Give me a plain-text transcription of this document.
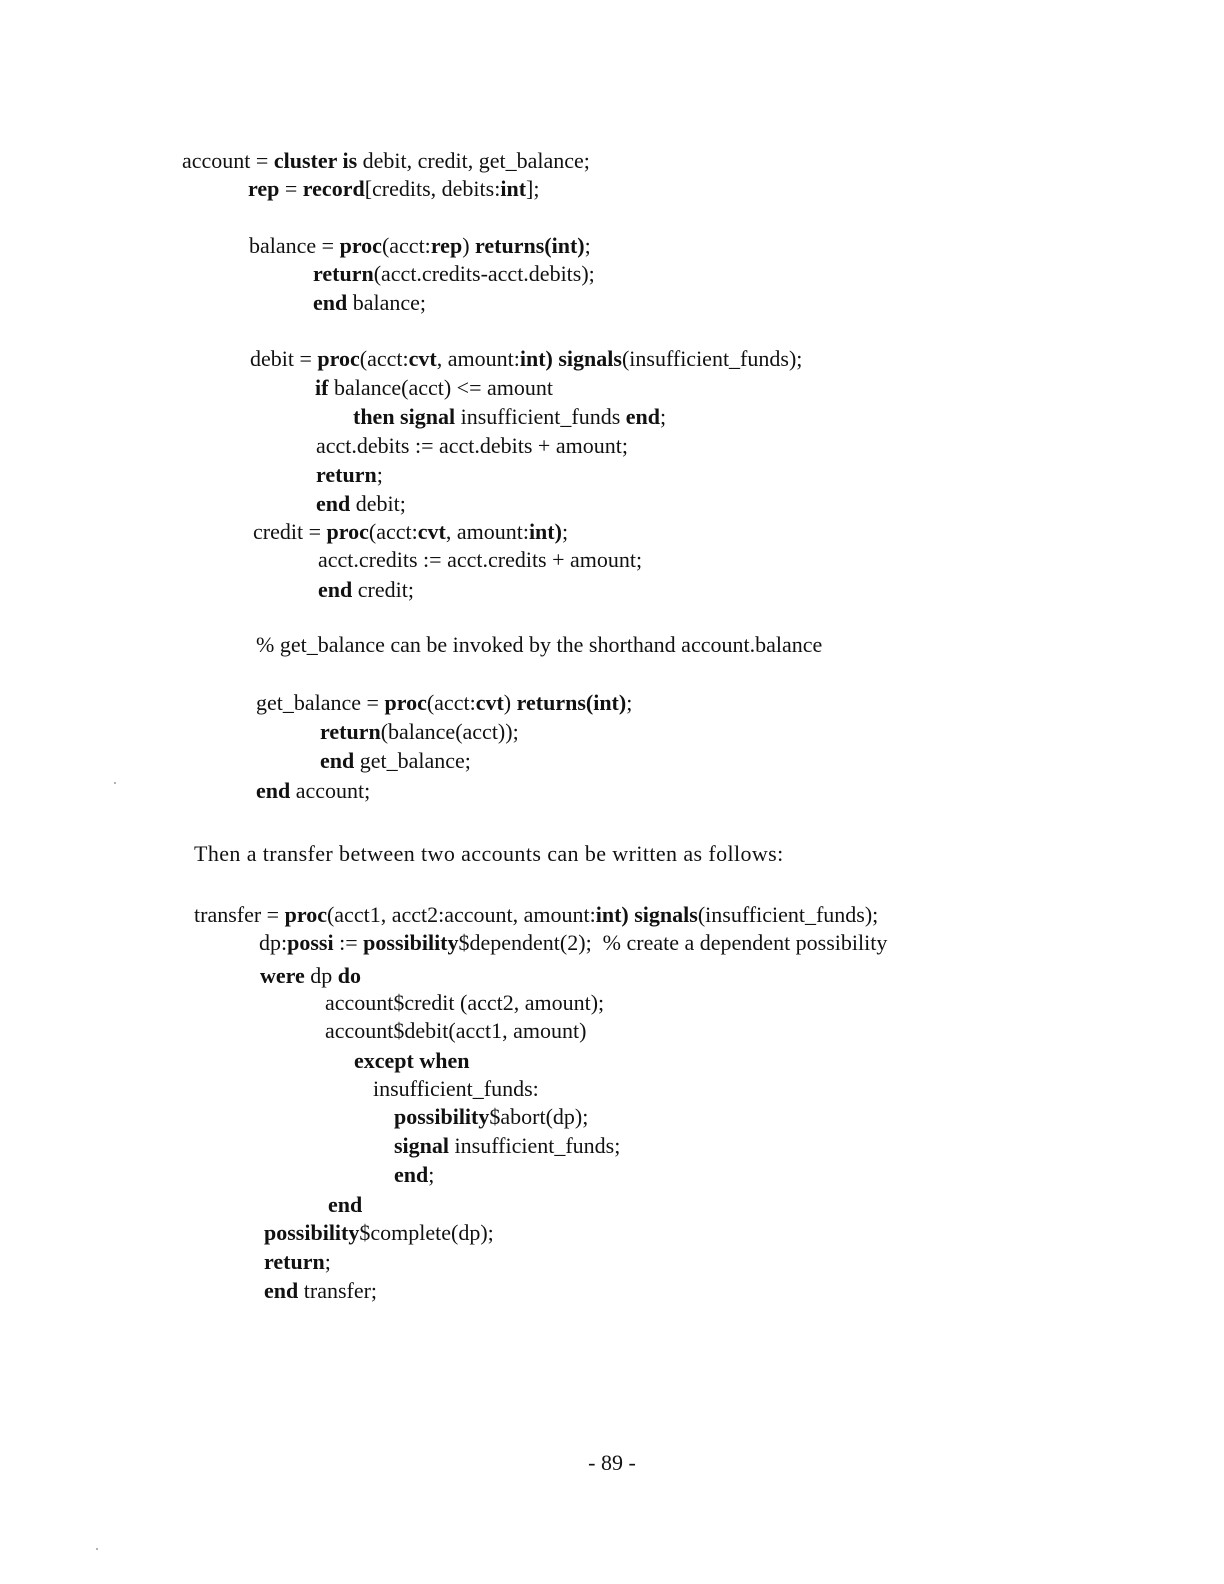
account = cluster is debit, credit, get_balance;
rep = record[credits, debits:int];
balance = proc(acct:rep) returns(int);
return(acct.credits-acct.debits);
end balance;
debit = proc(acct:cvt, amount:int) signals(insufficient_funds);
if balance(acct) <= amount
then signal insufficient_funds end;
acct.debits := acct.debits + amount;
return;
end debit;
credit = proc(acct:cvt, amount:int);
acct.credits := acct.credits + amount;
end credit;
% get_balance can be invoked by the shorthand account.balance
get_balance = proc(acct:cvt) returns(int);
return(balance(acct));
end get_balance;
end account;
Then a transfer between two accounts can be written as follows:
transfer = proc(acct1, acct2:account, amount:int) signals(insufficient_funds);
dp:possi := possibility$dependent(2);  % create a dependent possibility
were dp do
account$credit (acct2, amount);
account$debit(acct1, amount)
except when
insufficient_funds:
possibility$abort(dp);
signal insufficient_funds;
end;
end
possibility$complete(dp);
return;
end transfer;
- 89 -
